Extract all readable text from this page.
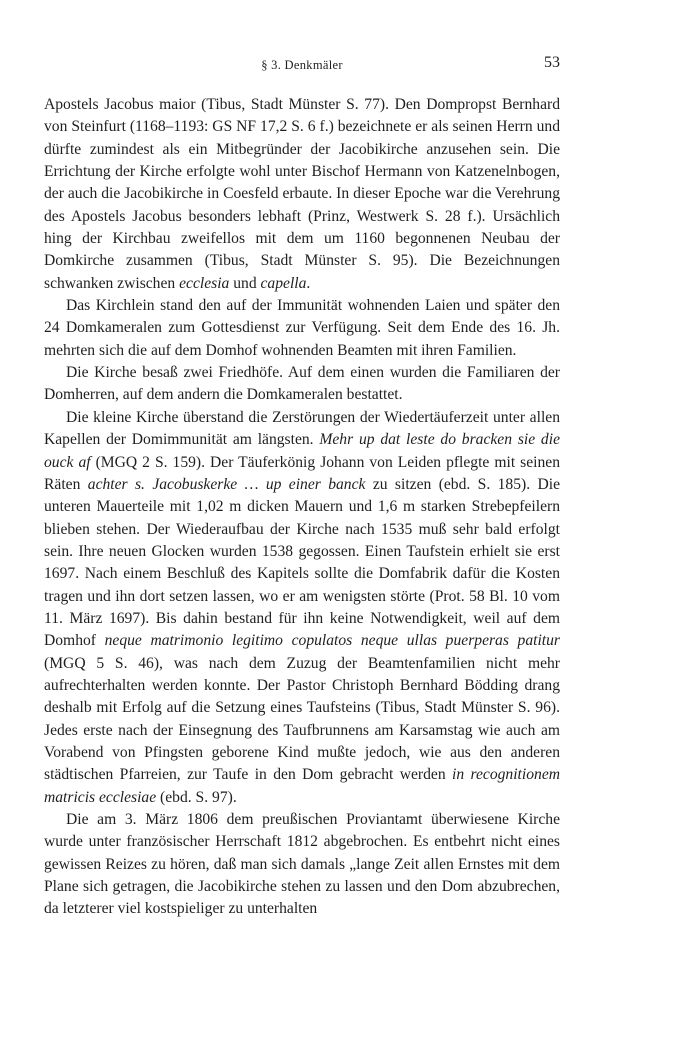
§ 3. Denkmäler	53

Apostels Jacobus maior (Tibus, Stadt Münster S. 77). Den Dompropst Bernhard von Steinfurt (1168–1193: GS NF 17,2 S. 6 f.) bezeichnete er als seinen Herrn und dürfte zumindest als ein Mitbegründer der Jacobikirche anzusehen sein. Die Errichtung der Kirche erfolgte wohl unter Bischof Hermann von Katzenelnbogen, der auch die Jacobikirche in Coesfeld erbaute. In dieser Epoche war die Verehrung des Apostels Jacobus besonders lebhaft (Prinz, Westwerk S. 28 f.). Ursächlich hing der Kirchbau zweifellos mit dem um 1160 begonnenen Neubau der Domkirche zusammen (Tibus, Stadt Münster S. 95). Die Bezeichnungen schwanken zwischen ecclesia und capella.

Das Kirchlein stand den auf der Immunität wohnenden Laien und später den 24 Domkameralen zum Gottesdienst zur Verfügung. Seit dem Ende des 16. Jh. mehrten sich die auf dem Domhof wohnenden Beamten mit ihren Familien.

Die Kirche besaß zwei Friedhöfe. Auf dem einen wurden die Familiaren der Domherren, auf dem andern die Domkameralen bestattet.

Die kleine Kirche überstand die Zerstörungen der Wiedertäuferzeit unter allen Kapellen der Domimmunität am längsten. Mehr up dat leste do bracken sie die ouck af (MGQ 2 S. 159). Der Täuferkönig Johann von Leiden pflegte mit seinen Räten achter s. Jacobuskerke … up einer banck zu sitzen (ebd. S. 185). Die unteren Mauerteile mit 1,02 m dicken Mauern und 1,6 m starken Strebepfeilern blieben stehen. Der Wiederaufbau der Kirche nach 1535 muß sehr bald erfolgt sein. Ihre neuen Glocken wurden 1538 gegossen. Einen Taufstein erhielt sie erst 1697. Nach einem Beschluß des Kapitels sollte die Domfabrik dafür die Kosten tragen und ihn dort setzen lassen, wo er am wenigsten störte (Prot. 58 Bl. 10 vom 11. März 1697). Bis dahin bestand für ihn keine Notwendigkeit, weil auf dem Domhof neque matrimonio legitimo copulatos neque ullas puerperas patitur (MGQ 5 S. 46), was nach dem Zuzug der Beamtenfamilien nicht mehr aufrechterhalten werden konnte. Der Pastor Christoph Bernhard Bödding drang deshalb mit Erfolg auf die Setzung eines Taufsteins (Tibus, Stadt Münster S. 96). Jedes erste nach der Einsegnung des Taufbrunnens am Karsamstag wie auch am Vorabend von Pfingsten geborene Kind mußte jedoch, wie aus den anderen städtischen Pfarreien, zur Taufe in den Dom gebracht werden in recognitionem matricis ecclesiae (ebd. S. 97).

Die am 3. März 1806 dem preußischen Proviantamt überwiesene Kirche wurde unter französischer Herrschaft 1812 abgebrochen. Es entbehrt nicht eines gewissen Reizes zu hören, daß man sich damals „lange Zeit allen Ernstes mit dem Plane sich getragen, die Jacobikirche stehen zu lassen und den Dom abzubrechen, da letzterer viel kostspieliger zu unterhalten
